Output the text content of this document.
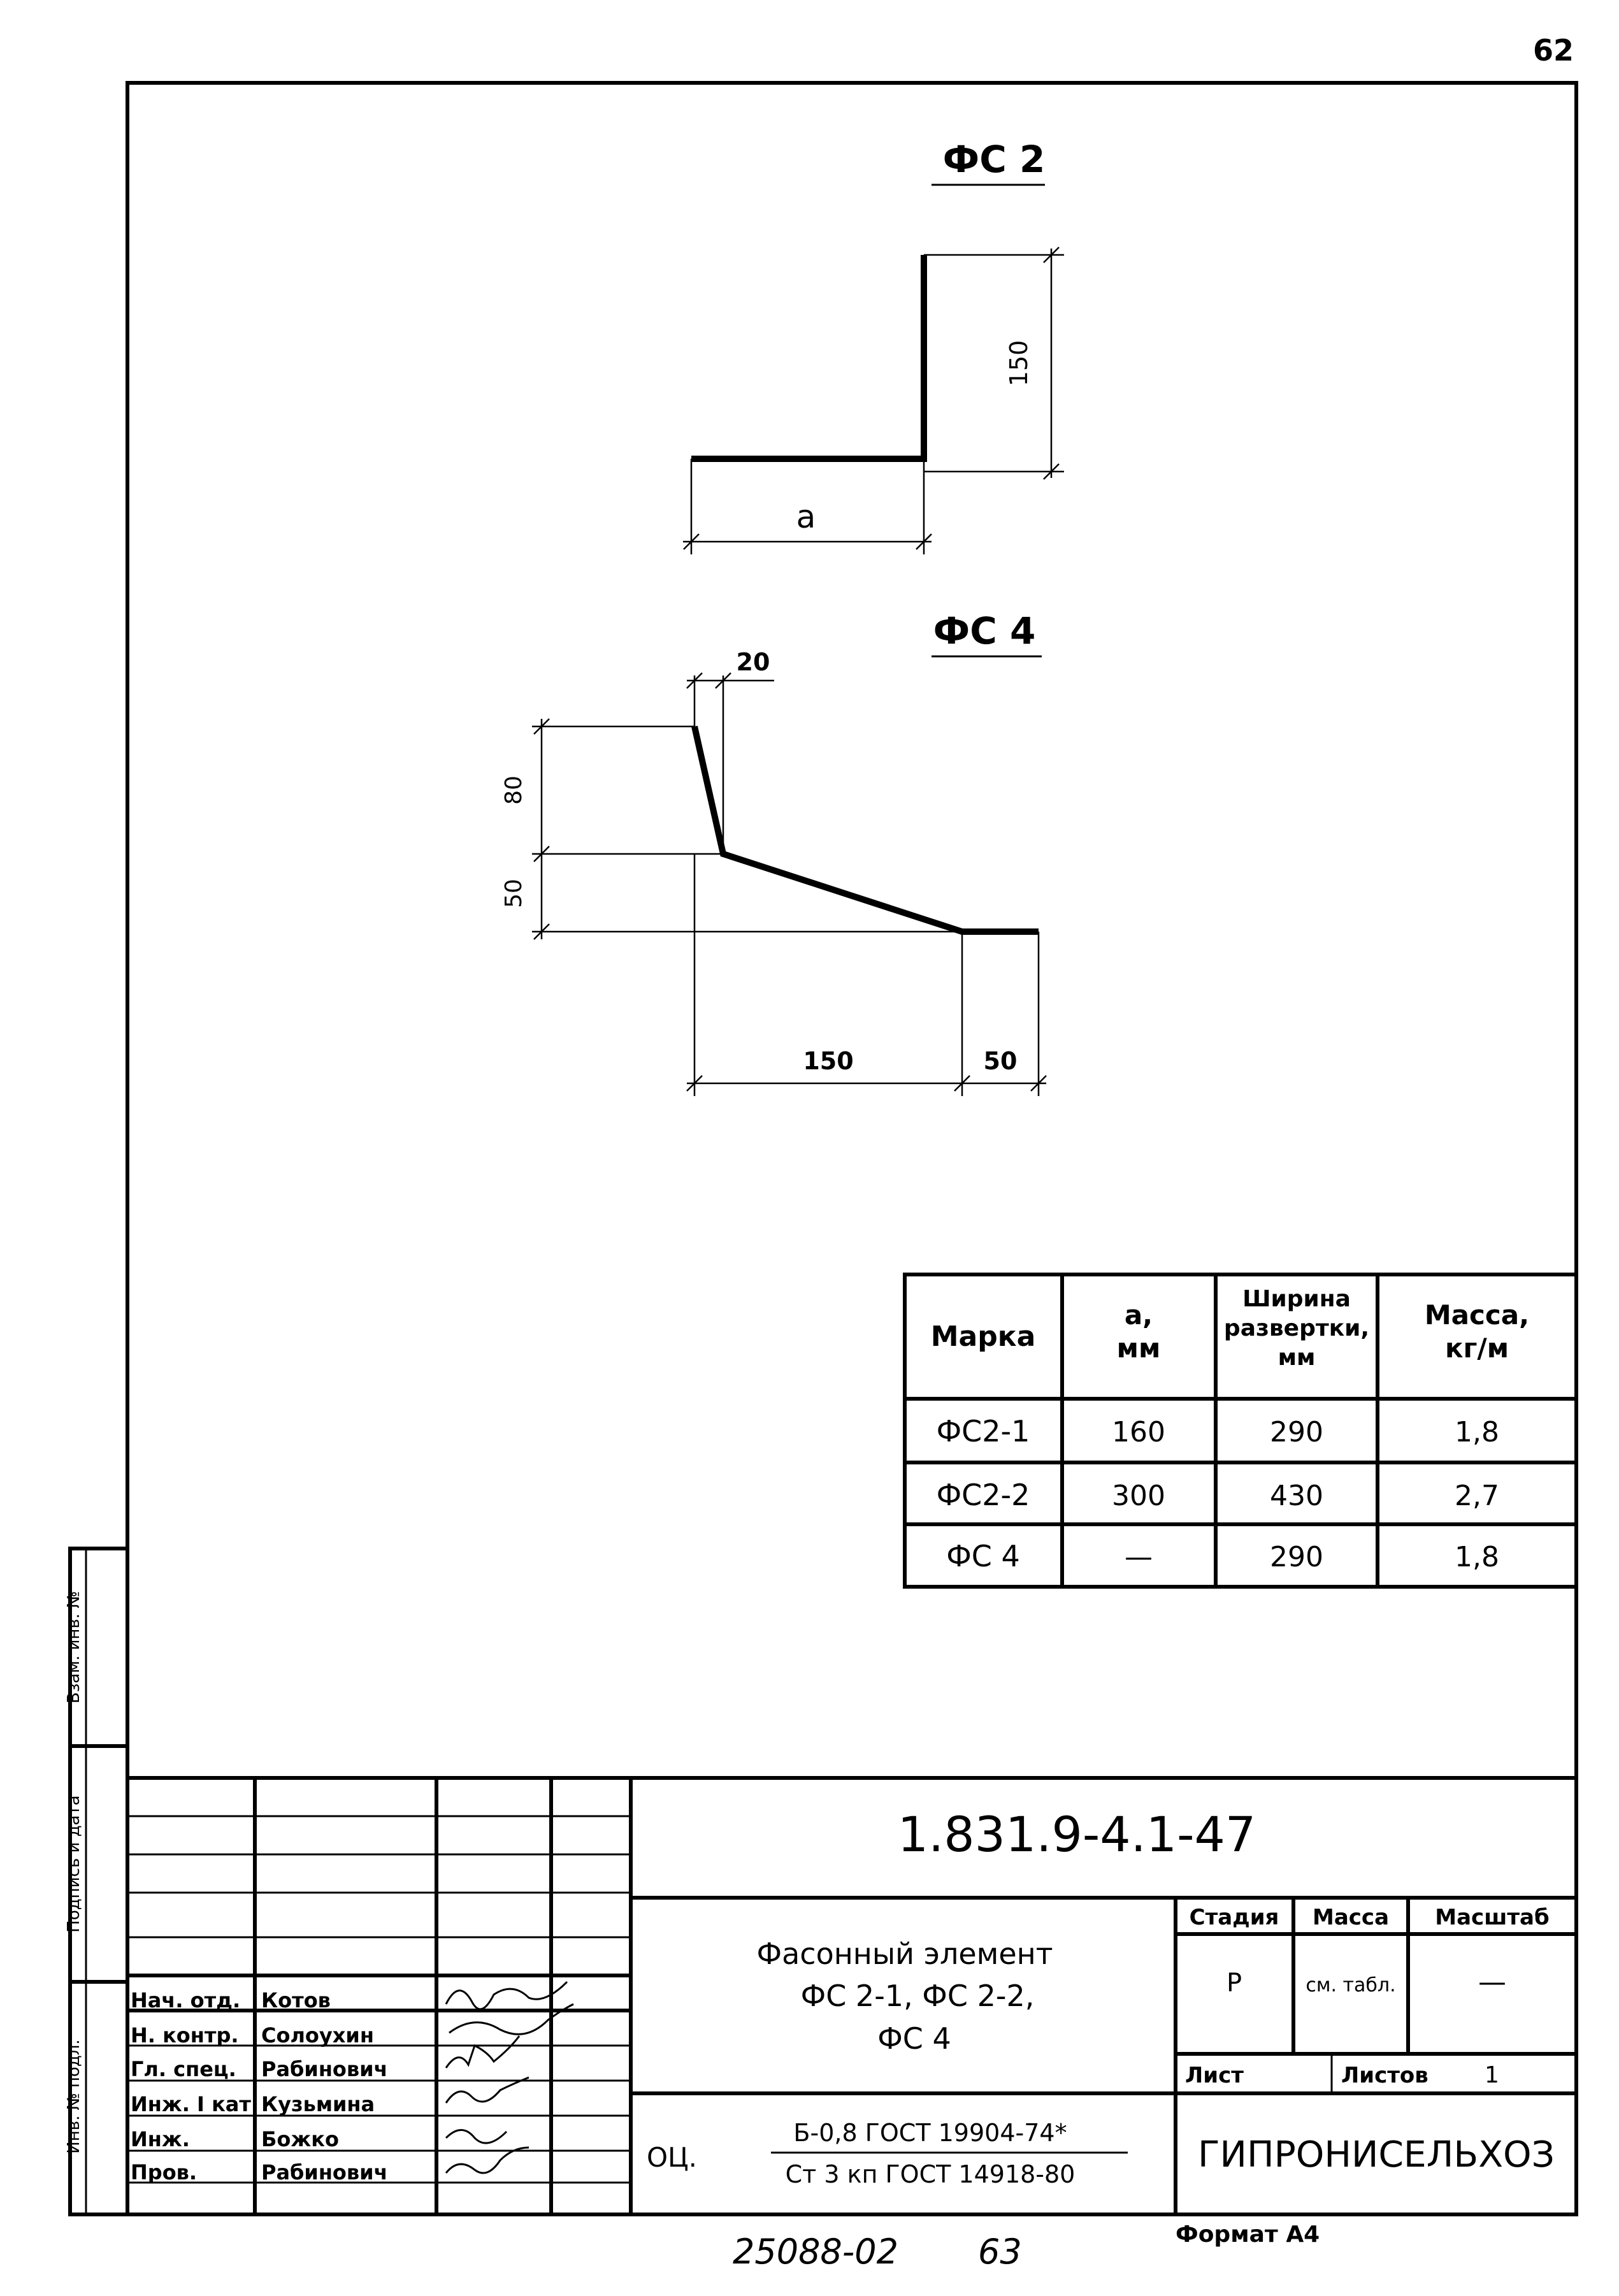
62
ФС 2
150
a
ФС 4
20
80
50
150	50
Марка
a, мм
Ширина развертки, мм
Масса, кг/м
ФС2-1	160	290	1,8
ФС2-2	300	430	2,7
ФС 4	—	290	1,8
Инв. № подл.
Подпись и дата
Взам. инв. №
1.831.9-4.1-47
Фасонный элемент
ФС 2-1, ФС 2-2,
ФС 4
Стадия Масса Масштаб
Р	см. табл.	—
Лист	Листов 1
ГИПРОНИСЕЛЬХОЗ
ОЦ.
Б-0,8 ГОСТ 19904-74*
Ст 3 кп ГОСТ 14918-80
Нач. отд. Котов
Н. контр. Солоухин
Гл. спец. Рабинович
Инж. I кат. Кузьмина
Инж.	Божко
Пров.	Рабинович
25088-02 63	Формат А4
